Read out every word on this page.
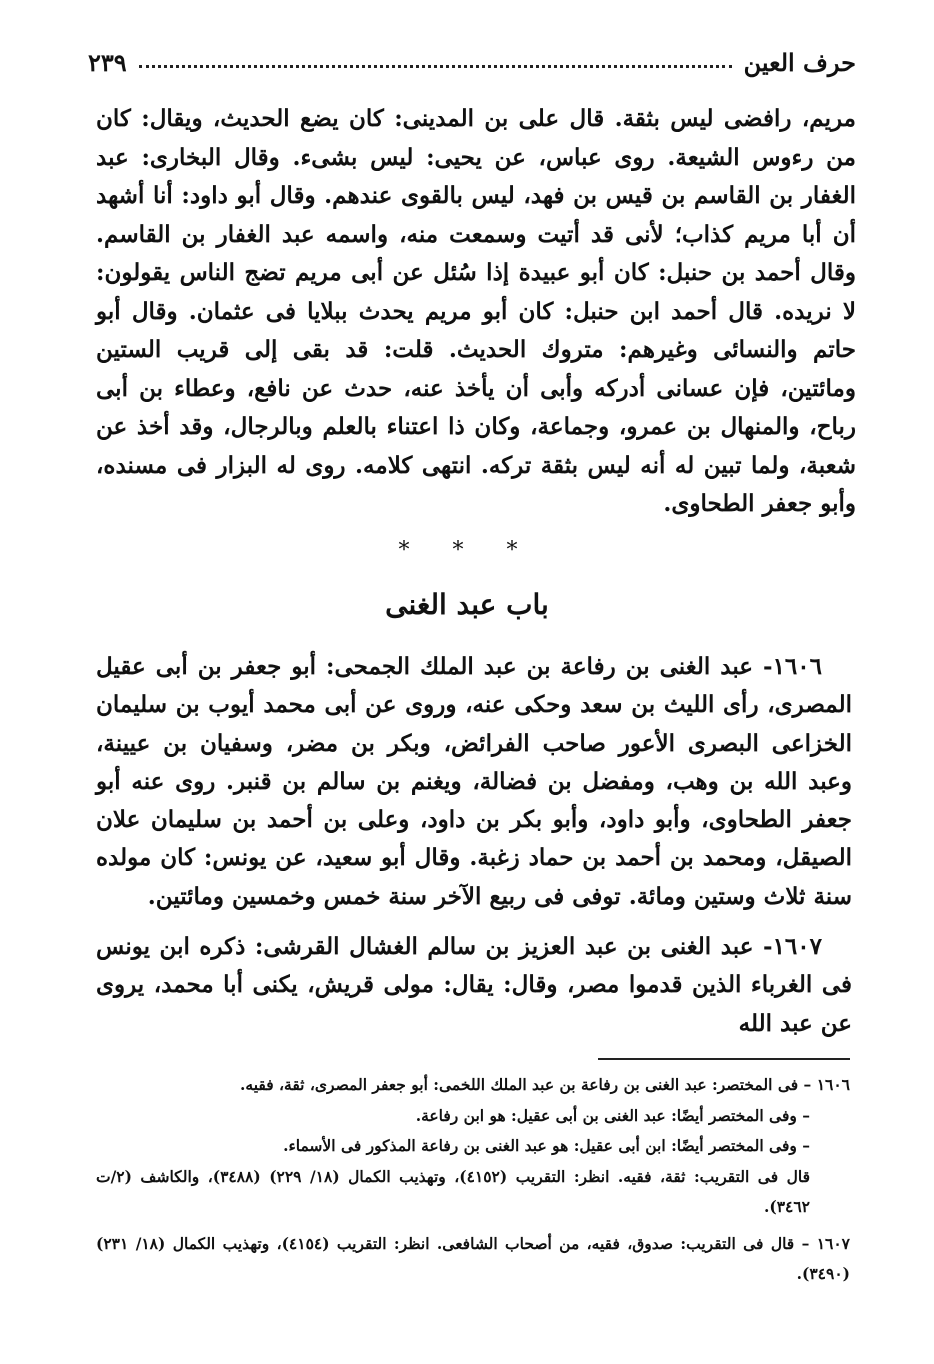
حرف العين
٢٣٩

مريم، رافضى ليس بثقة. قال على بن المدينى: كان يضع الحديث، ويقال: كان من رءوس الشيعة. روى عباس، عن يحيى: ليس بشىء. وقال البخارى: عبد الغفار بن القاسم بن قيس بن فهد، ليس بالقوى عندهم. وقال أبو داود: أنا أشهد أن أبا مريم كذاب؛ لأنى قد أتيت وسمعت منه، واسمه عبد الغفار بن القاسم. وقال أحمد بن حنبل: كان أبو عبيدة إذا سُئل عن أبى مريم تضج الناس يقولون: لا نريده. قال أحمد ابن حنبل: كان أبو مريم يحدث ببلايا فى عثمان. وقال أبو حاتم والنسائى وغيرهم: متروك الحديث. قلت: قد بقى إلى قريب الستين ومائتين، فإن عسانى أدركه وأبى أن يأخذ عنه، حدث عن نافع، وعطاء بن أبى رباح، والمنهال بن عمرو، وجماعة، وكان ذا اعتناء بالعلم وبالرجال، وقد أخذ عن شعبة، ولما تبين له أنه ليس بثقة تركه. انتهى كلامه. روى له البزار فى مسنده، وأبو جعفر الطحاوى.

* * *
باب عبد الغنى

١٦٠٦- عبد الغنى بن رفاعة بن عبد الملك الجمحى: أبو جعفر بن أبى عقيل المصرى، رأى الليث بن سعد وحكى عنه، وروى عن أبى محمد أيوب بن سليمان الخزاعى البصرى الأعور صاحب الفرائض، وبكر بن مضر، وسفيان بن عيينة، وعبد الله بن وهب، ومفضل بن فضالة، ويغنم بن سالم بن قنبر. روى عنه أبو جعفر الطحاوى، وأبو داود، وأبو بكر بن داود، وعلى بن أحمد بن سليمان علان الصيقل، ومحمد بن أحمد بن حماد زغبة. وقال أبو سعيد، عن يونس: كان مولده سنة ثلاث وستين ومائة. توفى فى ربيع الآخر سنة خمس وخمسين ومائتين.

١٦٠٧- عبد الغنى بن عبد العزيز بن سالم الغشال القرشى: ذكره ابن يونس فى الغرباء الذين قدموا مصر، وقال: يقال: مولى قريش، يكنى أبا محمد، يروى عن عبد الله

١٦٠٦ – فى المختصر: عبد الغنى بن رفاعة بن عبد الملك اللخمى: أبو جعفر المصرى، ثقة، فقيه.

– وفى المختصر أيضًا: عبد الغنى بن أبى عقيل: هو ابن رفاعة.

– وفى المختصر أيضًا: ابن أبى عقيل: هو عبد الغنى بن رفاعة المذكور فى الأسماء.

قال فى التقريب: ثقة، فقيه. انظر: التقريب (٤١٥٢)، وتهذيب الكمال (١٨/ ٢٢٩) (٣٤٨٨)، والكاشف (٢/ت ٣٤٦٢).

١٦٠٧ – قال فى التقريب: صدوق، فقيه، من أصحاب الشافعى. انظر: التقريب (٤١٥٤)، وتهذيب الكمال (١٨/ ٢٣١) (٣٤٩٠).
